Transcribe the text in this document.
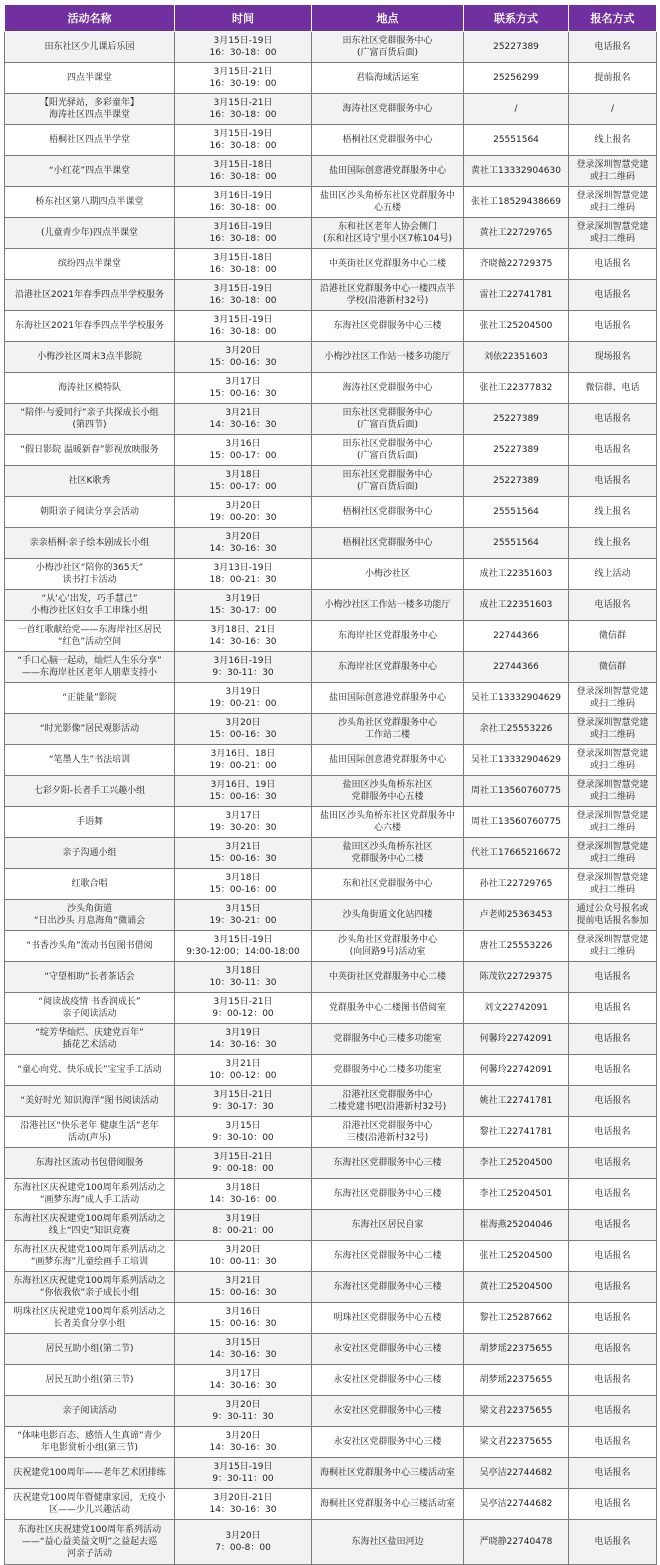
活动名称	时间	地点	联系方式	报名方式
田东社区少儿课后乐园	3月15日-19日
16：30-18：00	田东社区党群服务中心
(广富百货后面)	25227389	电话报名
四点半课堂	3月15日-21日
16：30-19：00	君临海域活运室	25256299	提前报名
【阳光驿站，多彩童年】
海涛社区四点半课堂	3月15日-21日
16：30-18：00	海涛社区党群服务中心	/	/
梧桐社区四点半学堂	3月15日-19日
16：30-18：00	梧桐社区党群服务中心	25551564	线上报名
“小红花”四点半课堂	3月15日-18日
16：30-18：00	盐田国际创意港党群服务中心	黄社工13332904630	登录深圳智慧党建
或扫二维码
桥东社区第八期四点半课堂	3月16日-19日
16：30-18：00	盐田区沙头角桥东社区党群服务中
心五楼	张社工18529438669	登录深圳智慧党建
或扫二维码
(儿童青少年)四点半课堂	3月16日-19日
16：30-18：00	东和社区老年人协会侧门
(东和社区诗宁里小区7栋104号)	黄社工22729765	登录深圳智慧党建
或扫二维码
缤纷四点半课堂	3月15日-18日
16：30-18：00	中英街社区党群服务中心二楼	齐晓薇22729375	电话报名
沿港社区2021年春季四点半学校服务	3月15日-19日
16：30-18：00	沿港社区党群服务中心一楼四点半
学校(沿港新村32号)	雷社工22741781	电话报名
东海社区2021年春季四点半学校服务	3月15日-19日
16：30-18：00	东海社区党群服务中心三楼	张社工25204500	电话报名
小梅沙社区周末3点半影院	3月20日
15：00-16：30	小梅沙社区工作站一楼多功能厅	刘依22351603	现场报名
海涛社区模特队	3月17日
15：00-16：30	海涛社区党群服务中心	张社工22377832	微信群、电话
“陪伴·与爱同行”亲子共探成长小组
(第四节)	3月21日
14：30-16：30	田东社区党群服务中心
(广富百货后面)	25227389	电话报名
“假日影院 温暖新春”影视放映服务	3月16日
15：00-17：00	田东社区党群服务中心
(广富百货后面)	25227389	电话报名
社区K歌秀	3月18日
15：00-17：00	田东社区党群服务中心
(广富百货后面)	25227389	电话报名
朝阳亲子阅读分享会活动	3月20日
19：00-20：30	梧桐社区党群服务中心	25551564	线上报名
亲亲梧桐·亲子绘本剧成长小组	3月20日
14：30-16：30	梧桐社区党群服务中心	25551564	线上报名
小梅沙社区“陪你的365天”
读书打卡活动	3月13日-19日
18：00-21：30	小梅沙社区	成社工22351603	线上活动
“从‘心’出发，巧手慧己”
小梅沙社区妇女手工串珠小组	3月19日
15：30-17：00	小梅沙社区工作站一楼多功能厅	成社工22351603	电话报名
一首红歌献给党——东海岸社区居民
“红色”活动空间	3月18日、21日
14：30-16：30	东海岸社区党群服务中心	22744366	微信群
“手口心脑一起动，灿烂人生乐分享”
——东海岸社区老年人朋辈支持小	3月16日-19日
9：30-11：30	东海岸社区党群服务中心	22744366	微信群
“正能量”影院	3月19日
19：00-21：00	盐田国际创意港党群服务中心	吴社工13332904629	登录深圳智慧党建
或扫二维码
“时光影像”居民观影活动	3月20日
15：00-16：30	沙头角社区党群服务中心
工作站二楼	余社工25553226	登录深圳智慧党建
或扫二维码
“笔墨人生”书法培训	3月16日、18日
19：00-21：00	盐田国际创意港党群服务中心	吴社工13332904629	登录深圳智慧党建
或扫二维码
七彩夕阳-长者手工兴趣小组	3月16日、19日
15：00-16：30	盐田区沙头角桥东社区
党群服务中心五楼	周社工13560760775	登录深圳智慧党建
或扫二维码
手语舞	3月17日
19：30-20：30	盐田区沙头角桥东社区党群服务中
心六楼	周社工13560760775	登录深圳智慧党建
或扫二维码
亲子沟通小组	3月21日
15：00-16：30	盐田区沙头角桥东社区
党群服务中心二楼	代社工17665216672	登录深圳智慧党建
或扫二维码
红歌合唱	3月18日
15：00-16：00	东和社区党群服务中心	孙社工22729765	登录深圳智慧党建
或扫二维码
沙头角街道
“日出沙头 月息海角”微诵会	3月15日
19：30-21：00	沙头角街道文化站四楼	卢老师25363453	通过公众号报名或
提前电话报名参加
“书香沙头角”流动书包图书借阅	3月15日-19日
9:30-12:00；14:00-18:00	沙头角社区党群服务中心
(向回路9号)活动室	唐社工25553226	登录深圳智慧党建
或扫二维码
“守望相助”长者茶话会	3月18日
10：30-11：30	中英街社区党群服务中心二楼	陈茂钦22729375	电话报名
“阅读战疫情 书香润成长”
亲子阅读活动	3月15日-21日
9：00-12：00	党群服务中心二楼图书借阅室	刘文22742091	电话报名
“绽芳华灿烂、庆建党百年”
插花艺术活动	3月19日
14：30-16：30	党群服务中心三楼多功能室	何馨玲22742091	电话报名
“童心向党、快乐成长”宝宝手工活动	3月21日
10：00-12：00	党群服务中心二楼多功能室	何馨玲22742091	电话报名
“美好时光 知识海洋”图书阅读活动	3月15日-21日
9：30-17：30	沿港社区党群服务中心
二楼党建书吧(沿港新村32号)	姚社工22741781	电话报名
沿港社区“快乐老年 健康生活”老年
活动(声乐)	3月15日
9：30-10：00	沿港社区党群服务中心
三楼(沿港新村32号)	黎社工22741781	电话报名
东海社区流动书包借阅服务	3月15日-21日
9：00-18：00	东海社区党群服务中心三楼	李社工25204500	电话报名
东海社区庆祝建党100周年系列活动之
“画梦东海”成人手工活动	3月18日
14：30-16：00	东海社区党群服务中心三楼	李社工25204501	电话报名
东海社区庆祝建党100周年系列活动之
线上“四史”知识竞赛	3月19日
8：00-21：00	东海社区居民自家	崔海燕25204046	电话报名
东海社区庆祝建党100周年系列活动之
“画梦东海”儿童绘画手工培训	3月20日
10：00-11：30	东海社区党群服务中心二楼	张社工25204500	电话报名
东海社区庆祝建党100周年系列活动之
“你依我依”亲子成长小组	3月21日
15：00-16：30	东海社区党群服务中心三楼	黄社工25204500	电话报名
明珠社区庆祝建党100周年系列活动之
长者美食分享小组	3月16日
15：00-16：30	明珠社区党群服务中心五楼	黎社工25287662	电话报名
居民互助小组(第二节)	3月15日
14：30-16：30	永安社区党群服务中心三楼	胡梦瑶22375655	电话报名
居民互助小组(第三节)	3月17日
14：30-16：30	永安社区党群服务中心三楼	胡梦瑶22375655	电话报名
亲子阅读活动	3月20日
9：30-11：30	永安社区党群服务中心三楼	梁文君22375655	电话报名
“体味电影百态、感悟人生真谛”青少
年电影赏析小组(第三节)	3月20日
14：30-16：30	永安社区党群服务中心三楼	梁文君22375655	电话报名
庆祝建党100周年——老年艺术团排练	3月15日-19日
9：30-11：00	海桐社区党群服务中心三楼活动室	吴亭洁22744682	电话报名
庆祝建党100周年暨健康家园，无疫小
区——少儿兴趣活动	3月20日-21日
14：30-16：30	海桐社区党群服务中心三楼活动室	吴亭洁22744682	电话报名
东海社区庆祝建党100周年系列活动
——“益心益美益文明”之益起去巡
河亲子活动	3月20日
7：00-8：00	东海社区盐田河边	严晓静22740478	电话报名
